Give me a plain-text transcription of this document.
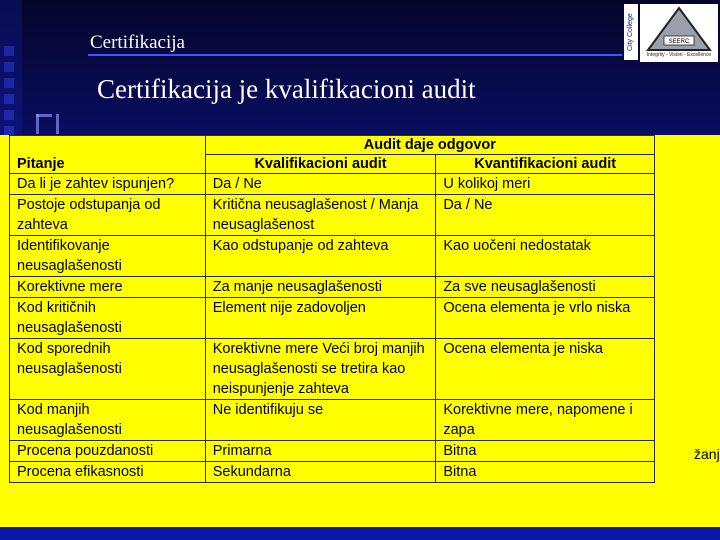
Certifikacija	City College	SEERC
Integrity - Vision - Excellence
Certifikacija je kvalifikacioni audit
žanj
	Audit daje odgovor	
Pitanje	Kvalifikacioni audit	Kvantifikacioni audit
Da li je zahtev ispunjen?	Da / Ne	U kolikoj meri
Postoje odstupanja od zahteva	Kritična neusaglašenost / Manja neusaglašenost	Da / Ne
Identifikovanje neusaglašenosti	Kao odstupanje od zahteva	Kao uočeni nedostatak
Korektivne mere	Za manje neusaglašenosti	Za sve neusaglašenosti
Kod kritičnih neusaglašenosti	Element nije zadovoljen	Ocena elementa je vrlo niska
Kod sporednih neusaglašenosti	Korektivne mere Veći broj manjih neusaglašenosti se tretira kao neispunjenje zahteva	Ocena elementa je niska
Kod manjih neusaglašenosti	Ne identifikuju se	Korektivne mere, napomene i zapa
Procena pouzdanosti	Primarna	Bitna
Procena efikasnosti	Sekundarna	Bitna
